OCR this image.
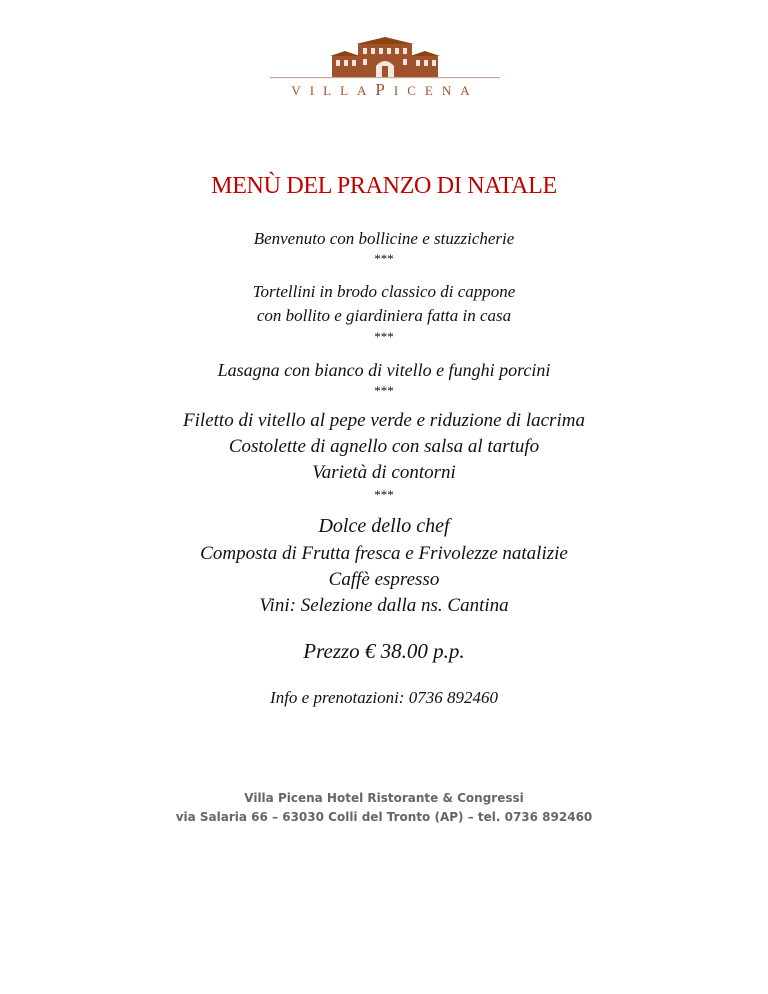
VILLAPICENA
MENÙ DEL PRANZO DI NATALE
Benvenuto con bollicine e stuzzicherie
***
Tortellini in brodo classico di cappone
con bollito e giardiniera fatta in casa
***
Lasagna con bianco di vitello e funghi porcini
***
Filetto di vitello al pepe verde e riduzione di lacrima
Costolette di agnello con salsa al tartufo
Varietà di contorni
***
Dolce dello chef
Composta di Frutta fresca e Frivolezze natalizie
Caffè espresso
Vini: Selezione dalla ns. Cantina
Prezzo € 38.00 p.p.
Info e prenotazioni: 0736 892460
Villa Picena Hotel Ristorante & Congressi
via Salaria 66 – 63030 Colli del Tronto (AP) – tel. 0736 892460
